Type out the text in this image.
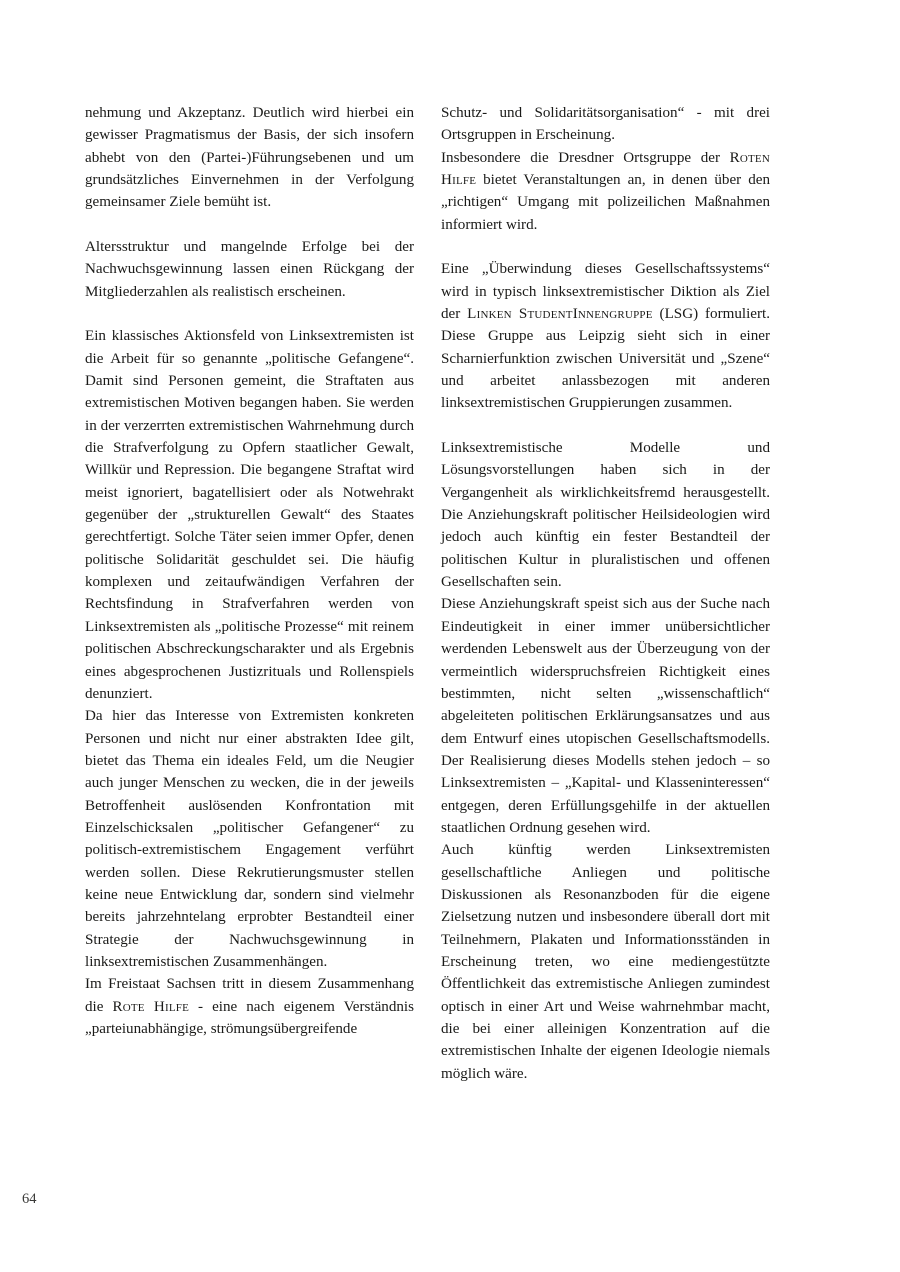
nehmung und Akzeptanz. Deutlich wird hierbei ein gewisser Pragmatismus der Basis, der sich insofern abhebt von den (Partei-)Führungsebenen und um grundsätzliches Einvernehmen in der Verfolgung gemeinsamer Ziele bemüht ist.

Altersstruktur und mangelnde Erfolge bei der Nachwuchsgewinnung lassen einen Rückgang der Mitgliederzahlen als realistisch erscheinen.

Ein klassisches Aktionsfeld von Linksextremisten ist die Arbeit für so genannte „politische Gefangene“. Damit sind Personen gemeint, die Straftaten aus extremistischen Motiven begangen haben. Sie werden in der verzerrten extremistischen Wahrnehmung durch die Strafverfolgung zu Opfern staatlicher Gewalt, Willkür und Repression. Die begangene Straftat wird meist ignoriert, bagatellisiert oder als Notwehrakt gegenüber der „strukturellen Gewalt“ des Staates gerechtfertigt. Solche Täter seien immer Opfer, denen politische Solidarität geschuldet sei. Die häufig komplexen und zeitaufwändigen Verfahren der Rechtsfindung in Strafverfahren werden von Linksextremisten als „politische Prozesse“ mit reinem politischen Abschreckungscharakter und als Ergebnis eines abgesprochenen Justizrituals und Rollenspiels denunziert.

Da hier das Interesse von Extremisten konkreten Personen und nicht nur einer abstrakten Idee gilt, bietet das Thema ein ideales Feld, um die Neugier auch junger Menschen zu wecken, die in der jeweils Betroffenheit auslösenden Konfrontation mit Einzelschicksalen „politischer Gefangener“ zu politisch-extremistischem Engagement verführt werden sollen. Diese Rekrutierungsmuster stellen keine neue Entwicklung dar, sondern sind vielmehr bereits jahrzehntelang erprobter Bestandteil einer Strategie der Nachwuchsgewinnung in linksextremistischen Zusammenhängen.

Im Freistaat Sachsen tritt in diesem Zusammenhang die Rote Hilfe - eine nach eigenem Verständnis „parteiunabhängige, strömungsübergreifende

Schutz- und Solidaritätsorganisation“ - mit drei Ortsgruppen in Erscheinung.
Insbesondere die Dresdner Ortsgruppe der Roten Hilfe bietet Veranstaltungen an, in denen über den „richtigen“ Umgang mit polizeilichen Maßnahmen informiert wird.

Eine „Überwindung dieses Gesellschaftssystems“ wird in typisch linksextremistischer Diktion als Ziel der Linken StudentInnengruppe (LSG) formuliert. Diese Gruppe aus Leipzig sieht sich in einer Scharnierfunktion zwischen Universität und „Szene“ und arbeitet anlassbezogen mit anderen linksextremistischen Gruppierungen zusammen.

Linksextremistische Modelle und Lösungsvorstellungen haben sich in der Vergangenheit als wirklichkeitsfremd herausgestellt. Die Anziehungskraft politischer Heilsideologien wird jedoch auch künftig ein fester Bestandteil der politischen Kultur in pluralistischen und offenen Gesellschaften sein.

Diese Anziehungskraft speist sich aus der Suche nach Eindeutigkeit in einer immer unübersichtlicher werdenden Lebenswelt aus der Überzeugung von der vermeintlich widerspruchsfreien Richtigkeit eines bestimmten, nicht selten „wissenschaftlich“ abgeleiteten politischen Erklärungsansatzes und aus dem Entwurf eines utopischen Gesellschaftsmodells. Der Realisierung dieses Modells stehen jedoch – so Linksextremisten – „Kapital- und Klasseninteressen“ entgegen, deren Erfüllungsgehilfe in der aktuellen staatlichen Ordnung gesehen wird.

Auch künftig werden Linksextremisten gesellschaftliche Anliegen und politische Diskussionen als Resonanzboden für die eigene Zielsetzung nutzen und insbesondere überall dort mit Teilnehmern, Plakaten und Informationsständen in Erscheinung treten, wo eine mediengestützte Öffentlichkeit das extremistische Anliegen zumindest optisch in einer Art und Weise wahrnehmbar macht, die bei einer alleinigen Konzentration auf die extremistischen Inhalte der eigenen Ideologie niemals möglich wäre.

64
